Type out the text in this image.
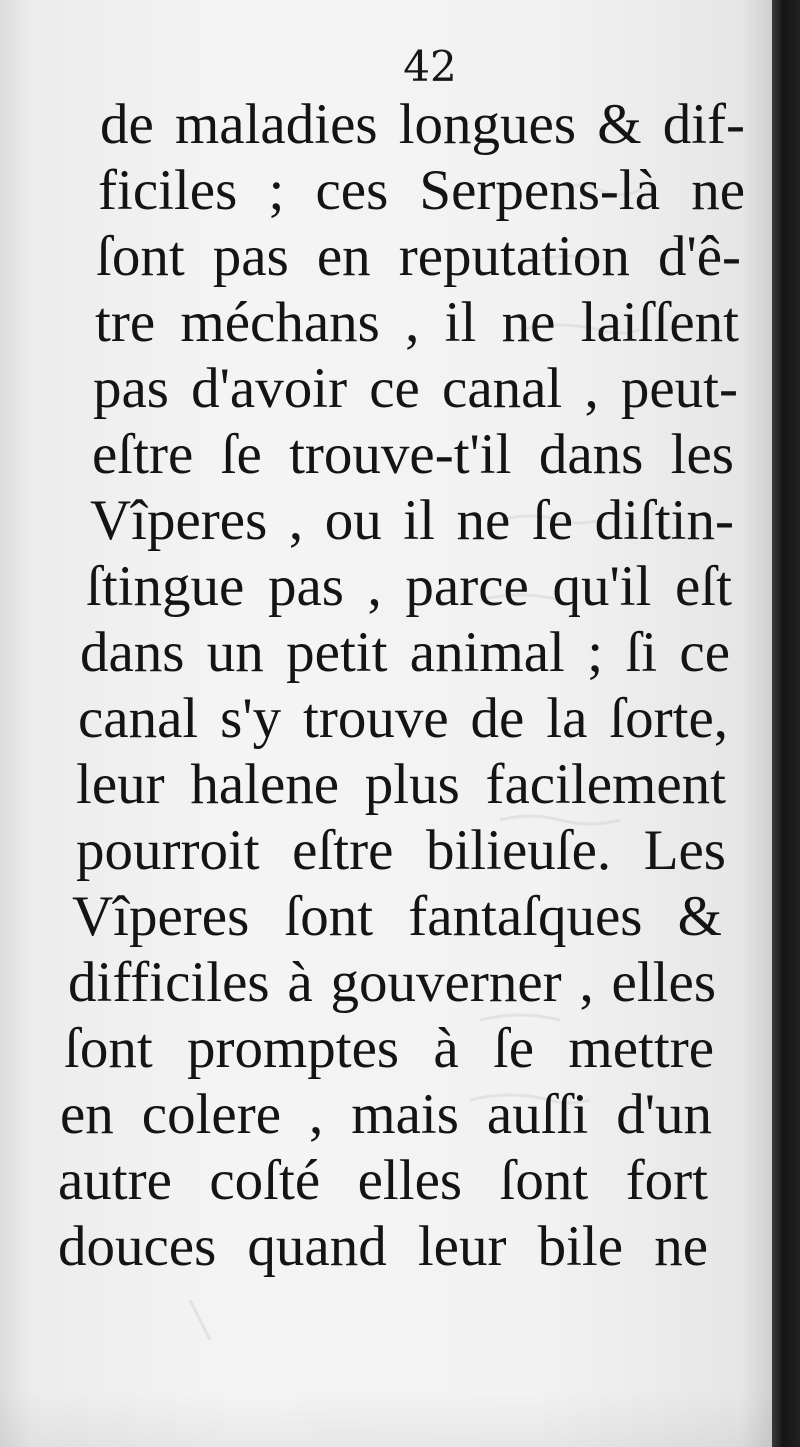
42
de maladies longues & dif-
ficiles ; ces Serpens-là ne
ſont pas en reputation d'ê-
tre méchans , il ne laiſſent
pas d'avoir ce canal , peut-
eſtre ſe trouve-t'il dans les
Vîperes , ou il ne ſe diſtin-
ſtingue pas , parce qu'il eſt
dans un petit animal ; ſi ce
canal s'y trouve de la ſorte,
leur halene plus facilement
pourroit eſtre bilieuſe. Les
Vîperes ſont fantaſques &
difficiles à gouverner , elles
ſont promptes à ſe mettre
en colere , mais auſſi d'un
autre coſté elles ſont fort
douces quand leur bile ne
